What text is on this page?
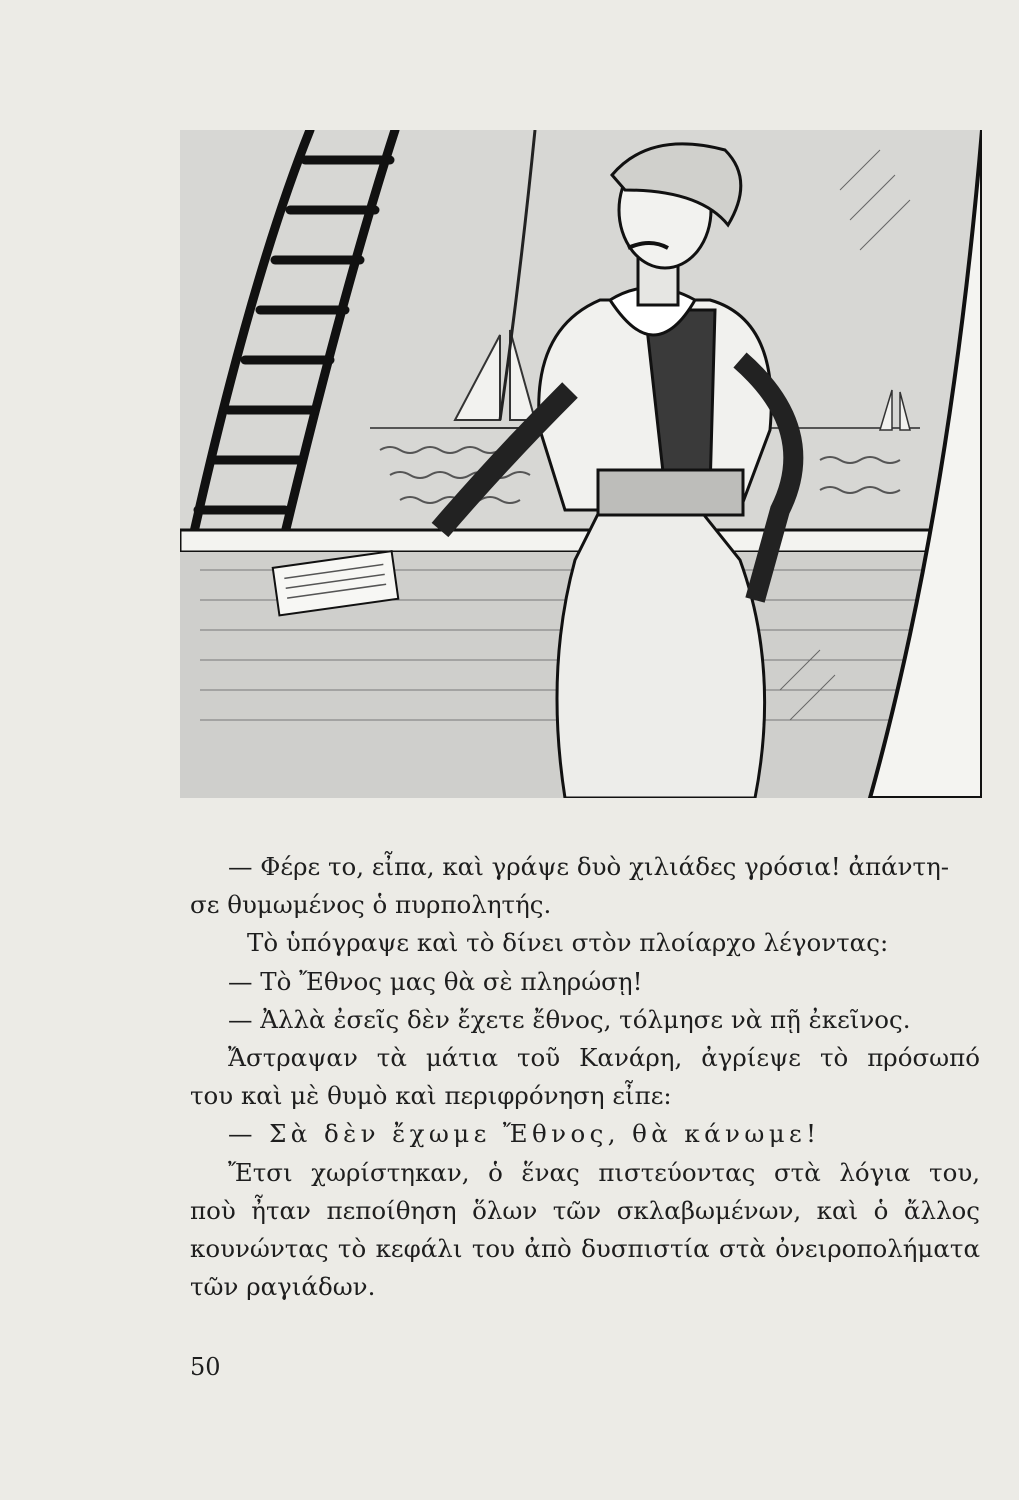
— Φέρε το, εἶπα, καὶ γράψε δυὸ χιλιάδες γρόσια! ἀπάντη-

σε θυμωμένος ὁ πυρπολητής.

Τὸ ὑπόγραψε καὶ τὸ δίνει στὸν πλοίαρχο λέγοντας:

— Τὸ Ἔθνος μας θὰ σὲ πληρώσῃ!

— Ἀλλὰ ἐσεῖς δὲν ἔχετε ἔθνος, τόλμησε νὰ πῇ ἐκεῖνος.

Ἄστραψαν τὰ μάτια τοῦ Κανάρη, ἀγρίεψε τὸ πρόσωπό

του καὶ μὲ θυμὸ καὶ περιφρόνηση εἶπε:

— Σὰ δὲν ἔχωμε Ἔθνος, θὰ κάνωμε!

Ἔτσι χωρίστηκαν, ὁ ἕνας πιστεύοντας στὰ λόγια του,

ποὺ ἦταν πεποίθηση ὅλων τῶν σκλαβωμένων, καὶ ὁ ἄλλος

κουνώντας τὸ κεφάλι του ἀπὸ δυσπιστία στὰ ὀνειροπολήματα

τῶν ραγιάδων.

50
